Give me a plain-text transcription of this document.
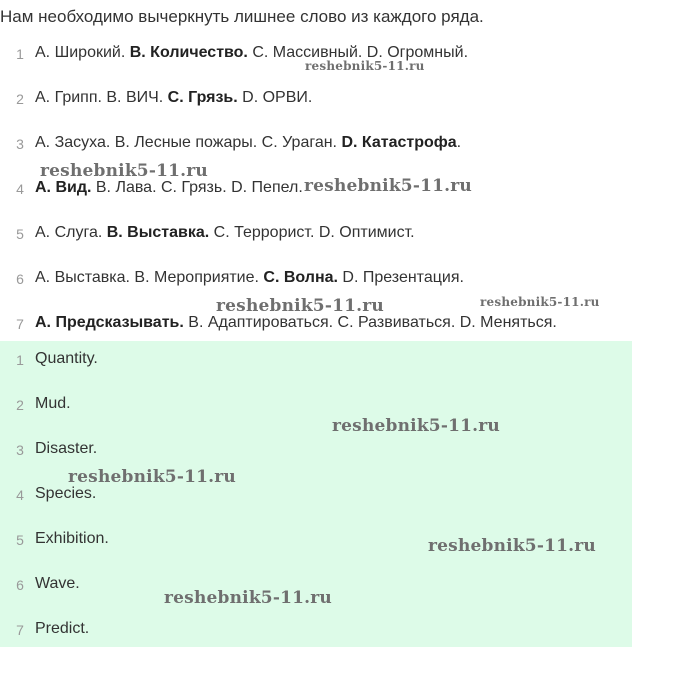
Нам необходимо вычеркнуть лишнее слово из каждого ряда.
1. 1 A. Широкий. B. Количество. C. Массивный. D. Огромный.
2. 2 A. Грипп. B. ВИЧ. C. Грязь. D. ОРВИ.
3. 3 A. Засуха. B. Лесные пожары. C. Ураган. D. Катастрофа.
4. 4 A. Вид. B. Лава. C. Грязь. D. Пепел.
5. 5 A. Слуга. B. Выставка. C. Террорист. D. Оптимист.
6. 6 A. Выставка. B. Мероприятие. C. Волна. D. Презентация.
7. 7 A. Предсказывать. B. Адаптироваться. C. Развиваться. D. Меняться.
1. 1 Quantity.
2. 2 Mud.
3. 3 Disaster.
4. 4 Species.
5. 5 Exhibition.
6. 6 Wave.
7. 7 Predict.
reshebnik5-11.ru
reshebnik5-11.ru
reshebnik5-11.ru
reshebnik5-11.ru	reshebnik5-11.ru
reshebnik5-11.ru
reshebnik5-11.ru
reshebnik5-11.ru
reshebnik5-11.ru
